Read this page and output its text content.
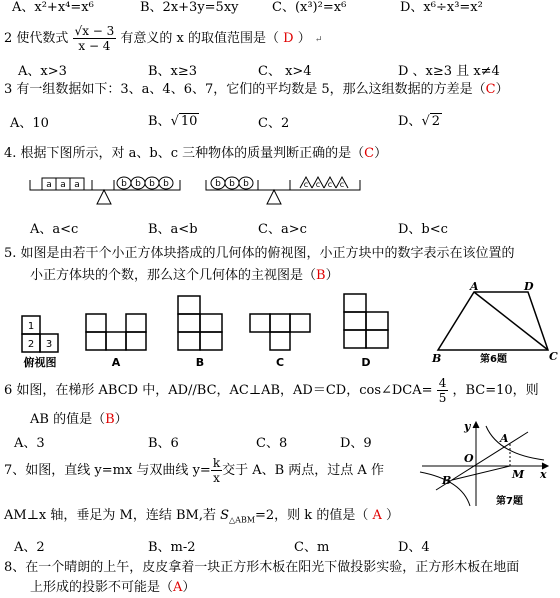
A、x²+x⁴=x⁶	B、2x+3y=5xy	C、(x³)²=x⁶	D、x⁶÷x³=x²
2 使代数式 $\frac{√x - 3}{x - 4}$ 有意义的 x 的取值范围是（ D ） ↵
A、x>3	B、x≥3	C、 x>4	D 、x≥3 且 x≠4
3 有一组数据如下：3、a、4、6、7，它们的平均数是 5，那么这组数据的方差是（C）
A、10	B、√ 10	C、2	D、√ 2
4. 根据下图所示，对 a、b、c 三种物体的质量判断正确的是（C）
a a a	b b b b	b b b	c c c c
A、a<c	B、a<b	C、a>c	D、b<c
5. 如图是由若干个小正方体块搭成的几何体的俯视图，小正方块中的数字表示在该位置的
小正方体块的个数，那么这个几何体的主视图是（B）
1
2 3
俯视图	A	B	C	D
A	D
B	C
第6题
6 如图，在梯形 ABCD 中，AD//BC，AC⊥AB，AD＝CD，cos∠DCA= $\frac{4}{5}$ ，BC=10，则
AB 的值是（B）
A、3	B、6	C、8	D、9
y
x
O
A
B	M
第7题
7、如图，直线 y=mx 与双曲线 $y= \frac{k}{x}$ 交于 A、B 两点，过点 A 作
AM⊥x 轴，垂足为 M，连结 BM,若 $S_{\triangle ABM}=2$，则 k 的值是（ A ）
A、2	B、m-2	C、m	D、4
8、在一个晴朗的上午，皮皮拿着一块正方形木板在阳光下做投影实验，正方形木板在地面
上形成的投影不可能是（A）
